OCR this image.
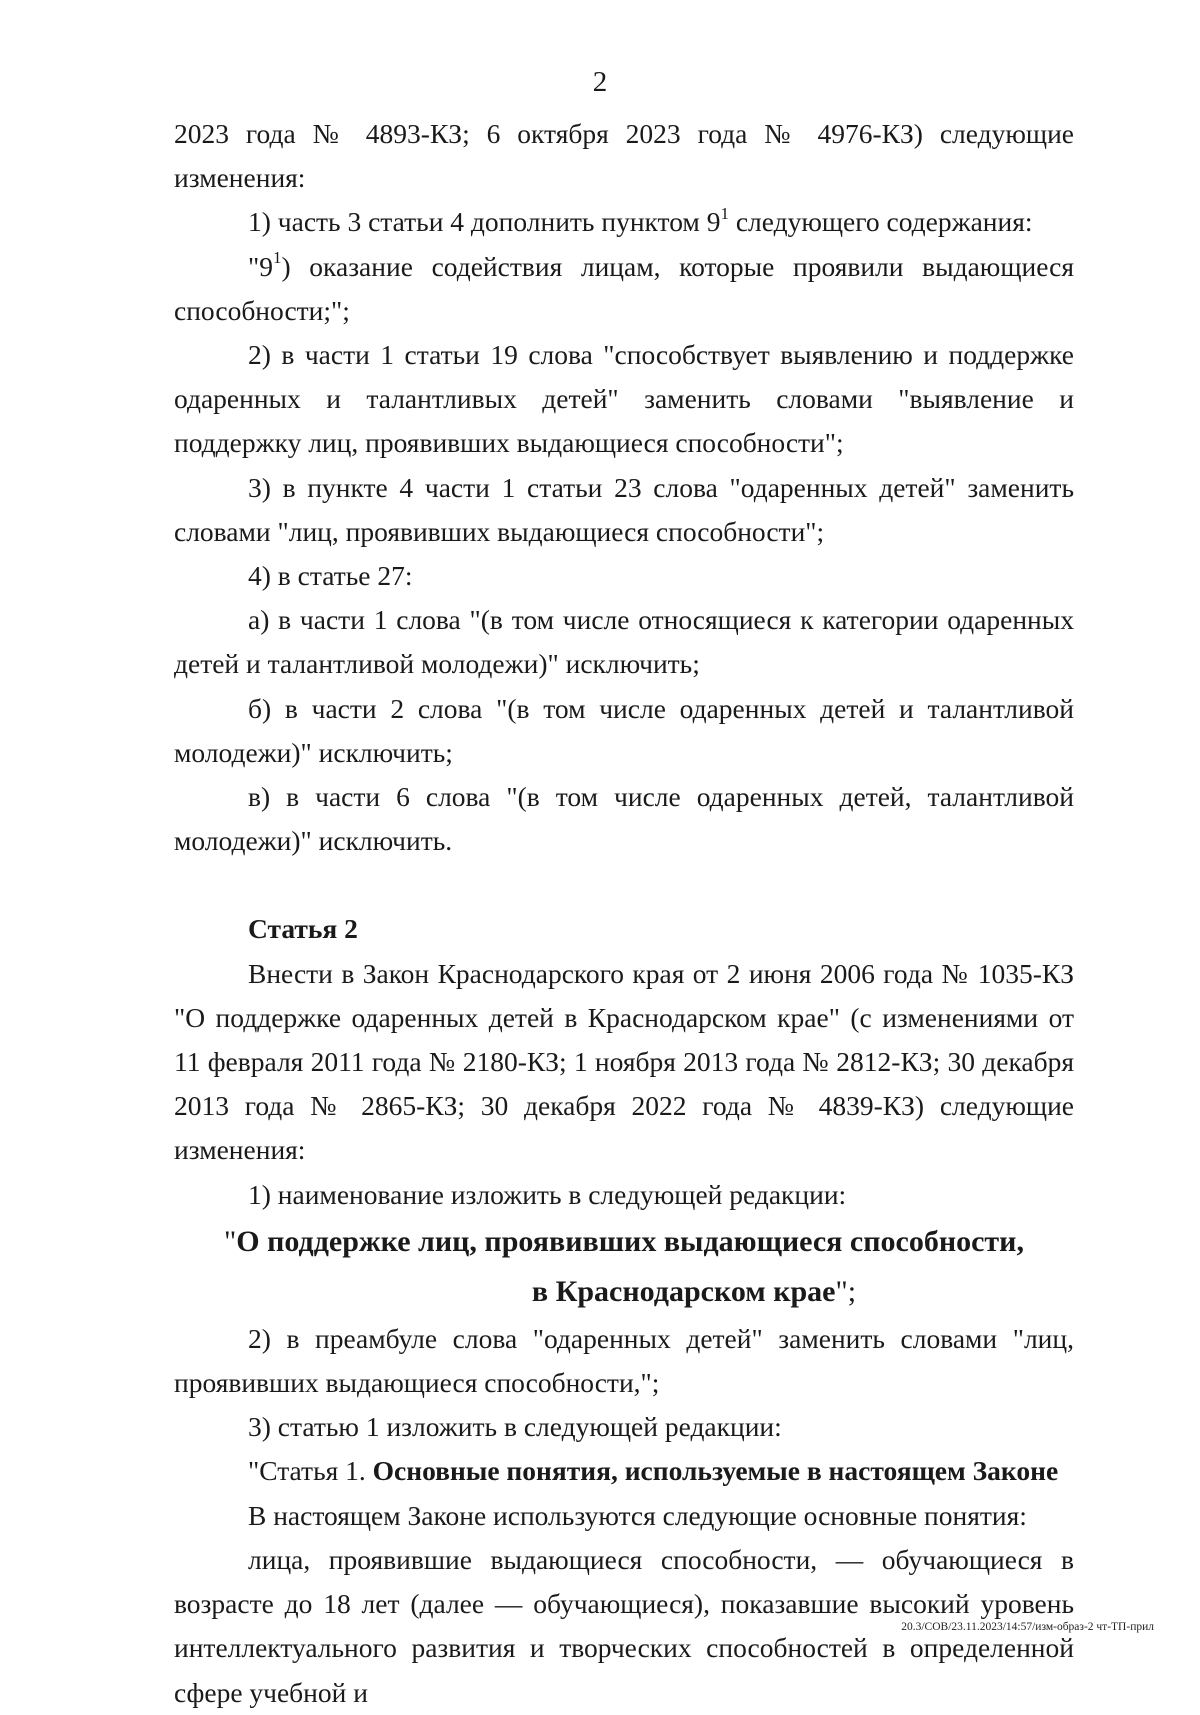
2

2023 года № 4893-КЗ; 6 октября 2023 года № 4976-КЗ) следующие изменения:

1) часть 3 статьи 4 дополнить пунктом $9^1$ следующего содержания:

"$9^1$) оказание содействия лицам, которые проявили выдающиеся способности;";

2) в части 1 статьи 19 слова "способствует выявлению и поддержке одаренных и талантливых детей" заменить словами "выявление и поддержку лиц, проявивших выдающиеся способности";

3) в пункте 4 части 1 статьи 23 слова "одаренных детей" заменить словами "лиц, проявивших выдающиеся способности";

4) в статье 27:

а) в части 1 слова "(в том числе относящиеся к категории одаренных детей и талантливой молодежи)" исключить;

б) в части 2 слова "(в том числе одаренных детей и талантливой молодежи)" исключить;

в) в части 6 слова "(в том числе одаренных детей, талантливой молодежи)" исключить.

Статья 2

Внести в Закон Краснодарского края от 2 июня 2006 года № 1035-КЗ "О поддержке одаренных детей в Краснодарском крае" (с изменениями от 11 февраля 2011 года № 2180-КЗ; 1 ноября 2013 года № 2812-КЗ; 30 декабря 2013 года № 2865-КЗ; 30 декабря 2022 года № 4839-КЗ) следующие изменения:

1) наименование изложить в следующей редакции:

"О поддержке лиц, проявивших выдающиеся способности,

в Краснодарском крае";

2) в преамбуле слова "одаренных детей" заменить словами "лиц, проявивших выдающиеся способности,";

3) статью 1 изложить в следующей редакции:

"Статья 1. Основные понятия, используемые в настоящем Законе

В настоящем Законе используются следующие основные понятия:

лица, проявившие выдающиеся способности, — обучающиеся в возрасте до 18 лет (далее — обучающиеся), показавшие высокий уровень интеллектуального развития и творческих способностей в определенной сфере учебной и

20.3/СОВ/23.11.2023/14:57/изм-образ-2 чт-ТП-прил
